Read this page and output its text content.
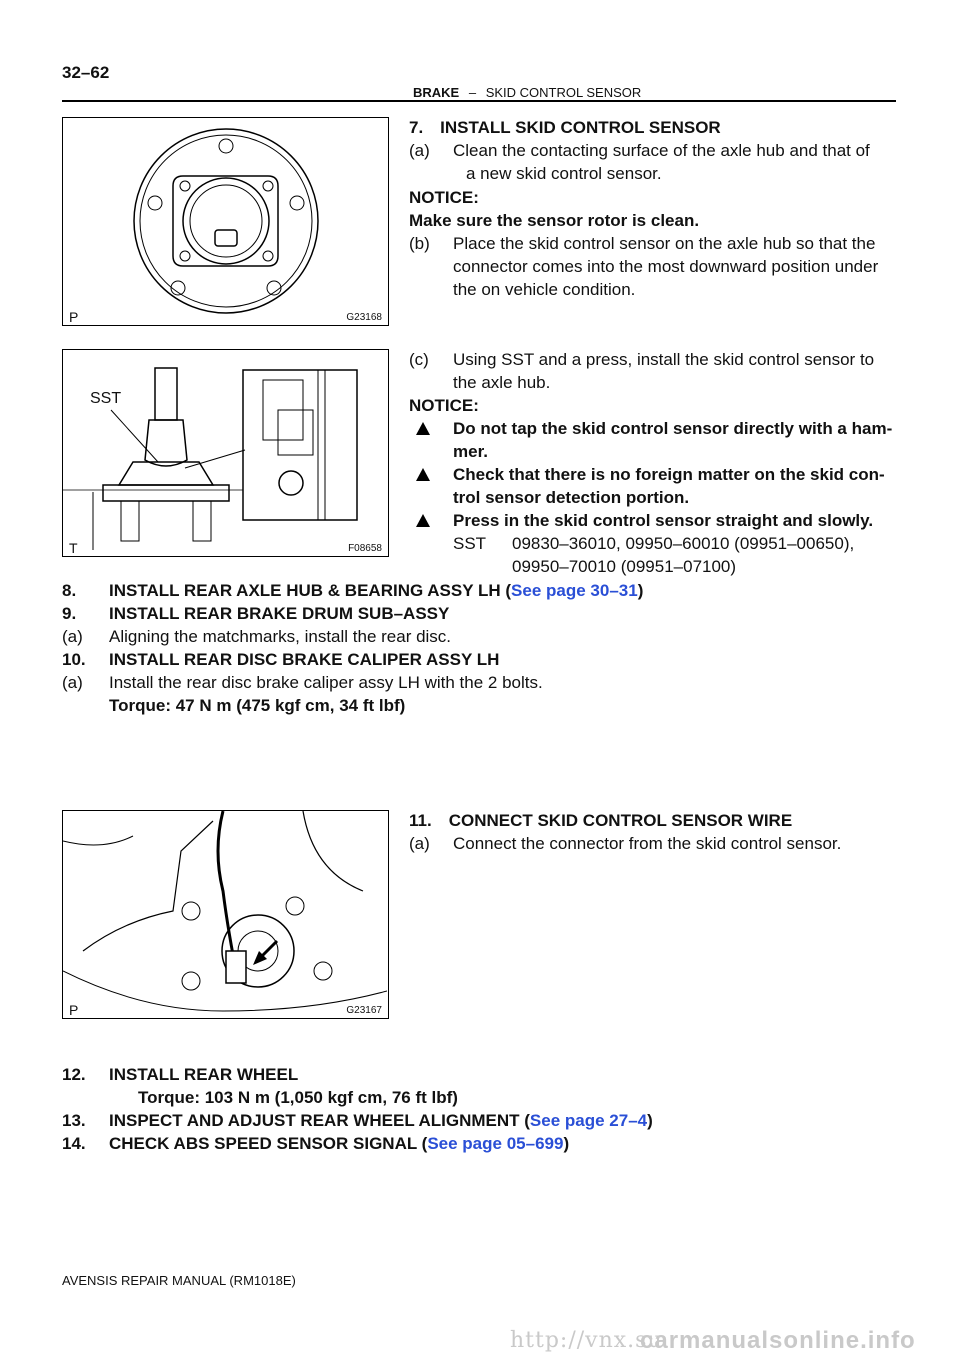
32–62
BRAKE – SKID CONTROL SENSOR
P	G23168
7. INSTALL SKID CONTROL SENSOR
(a) Clean the contacting surface of the axle hub and that of
a new skid control sensor.
NOTICE:
Make sure the sensor rotor is clean.
(b) Place the skid control sensor on the axle hub so that the
connector comes into the most downward position under
the on vehicle condition.
SST
T	F08658
(c) Using SST and a press, install the skid control sensor to
the axle hub.
NOTICE:
Do not tap the skid control sensor directly with a ham-
mer.
Check that there is no foreign matter on the skid con-
trol sensor detection portion.
Press in the skid control sensor straight and slowly.
SST 09830–36010, 09950–60010 (09951–00650),
09950–70010 (09951–07100)
8. INSTALL REAR AXLE HUB & BEARING ASSY LH (See page 30–31)
9. INSTALL REAR BRAKE DRUM SUB–ASSY
(a) Aligning the matchmarks, install the rear disc.
10. INSTALL REAR DISC BRAKE CALIPER ASSY LH
(a) Install the rear disc brake caliper assy LH with the 2 bolts.
Torque: 47 N m (475 kgf cm, 34 ft lbf)
P	G23167
11. CONNECT SKID CONTROL SENSOR WIRE
(a) Connect the connector from the skid control sensor.
12. INSTALL REAR WHEEL
Torque: 103 N m (1,050 kgf cm, 76 ft lbf)
13. INSPECT AND ADJUST REAR WHEEL ALIGNMENT (See page 27–4)
14. CHECK ABS SPEED SENSOR SIGNAL (See page 05–699)
AVENSIS REPAIR MANUAL (RM1018E)
http://vnx.su
carmanualsonline.info
